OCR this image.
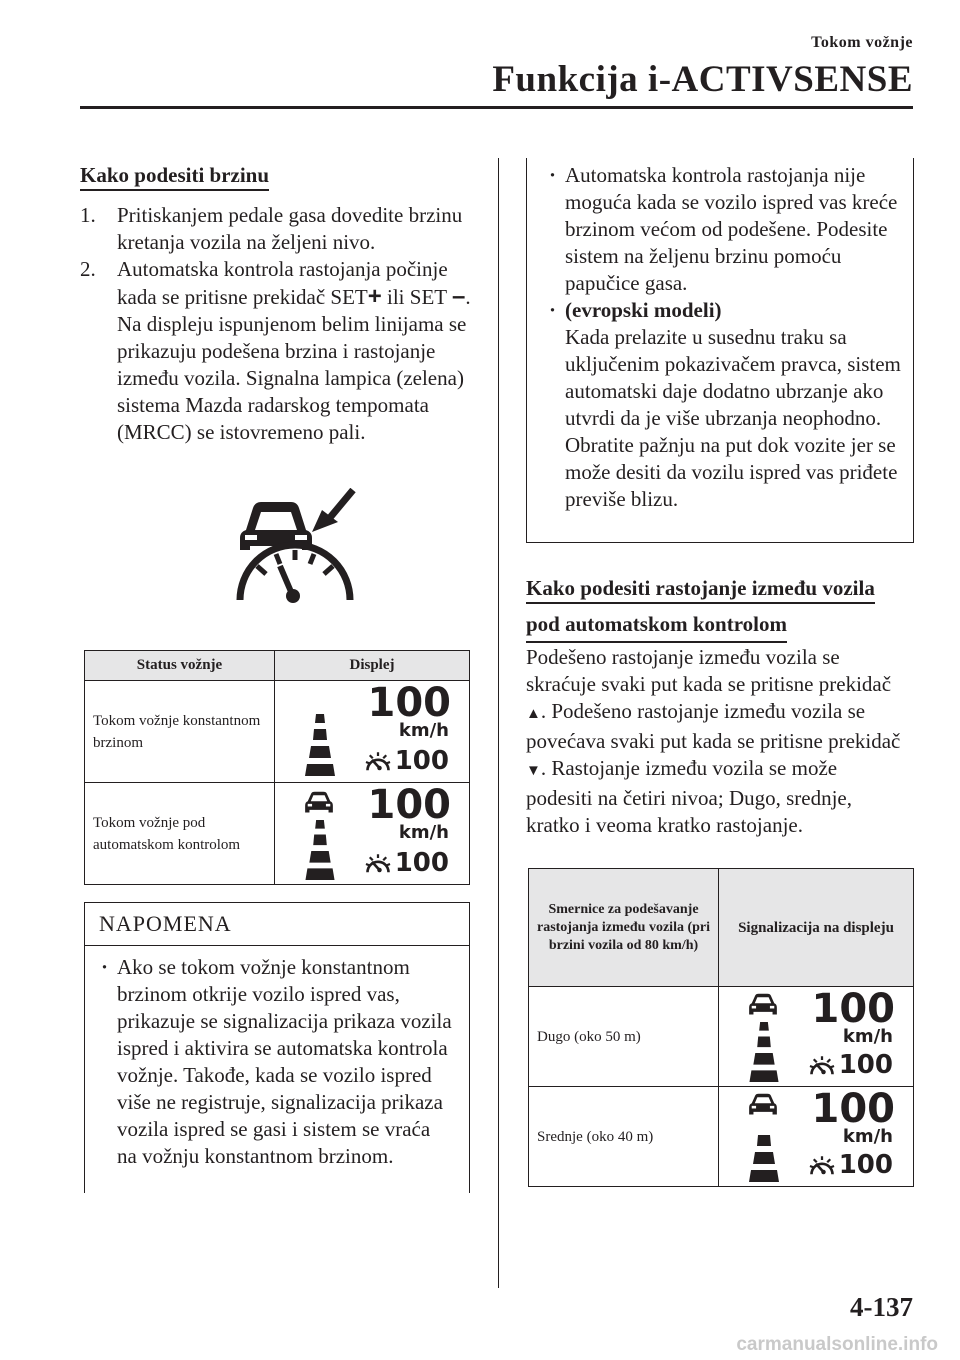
Tokom vožnje
Funkcija i-ACTIVSENSE
Kako podesiti brzinu
1. Pritiskanjem pedale gasa dovedite brzinu kretanja vozila na željeni nivo.
2. Automatska kontrola rastojanja počinje kada se pritisne prekidač SET+ ili SET –. Na displeju ispunjenom belim linijama se prikazuju podešena brzina i rastojanje između vozila. Signalna lampica (zelena) sistema Mazda radarskog tempomata (MRCC) se istovremeno pali.
Status vožnje	Displej
Tokom vožnje konstantnom brzinom	100
km/h
100

Tokom vožnje pod automatskom kontrolom	100
km/h
100
NAPOMENA
· Ako se tokom vožnje konstantnom brzinom otkrije vozilo ispred vas, prikazuje se signalizacija prikaza vozila ispred i aktivira se automatska kontrola vožnje. Takođe, kada se vozilo ispred više ne registruje, signalizacija prikaza vozila ispred se gasi i sistem se vraća na vožnju konstantnom brzinom.
· Automatska kontrola rastojanja nije moguća kada se vozilo ispred vas kreće brzinom većom od podešene. Podesite sistem na željenu brzinu pomoću papučice gasa.
· (evropski modeli)
Kada prelazite u susednu traku sa uključenim pokazivačem pravca, sistem automatski daje dodatno ubrzanje ako utvrdi da je više ubrzanja neophodno. Obratite pažnju na put dok vozite jer se može desiti da vozilu ispred vas priđete previše blizu.
Kako podesiti rastojanje između vozila
pod automatskom kontrolom
Podešeno rastojanje između vozila se skraćuje svaki put kada se pritisne prekidač ▲. Podešeno rastojanje između vozila se povećava svaki put kada se pritisne prekidač ▼. Rastojanje između vozila se može podesiti na četiri nivoa; Dugo, srednje, kratko i veoma kratko rastojanje.
Smernice za podešavanje rastojanja između vozila (pri brzini vozila od 80 km/h)	Signalizacija na displeju
Dugo (oko 50 m)	100
km/h
100

Srednje (oko 40 m)	100
km/h
100
4-137
carmanualsonline.info
